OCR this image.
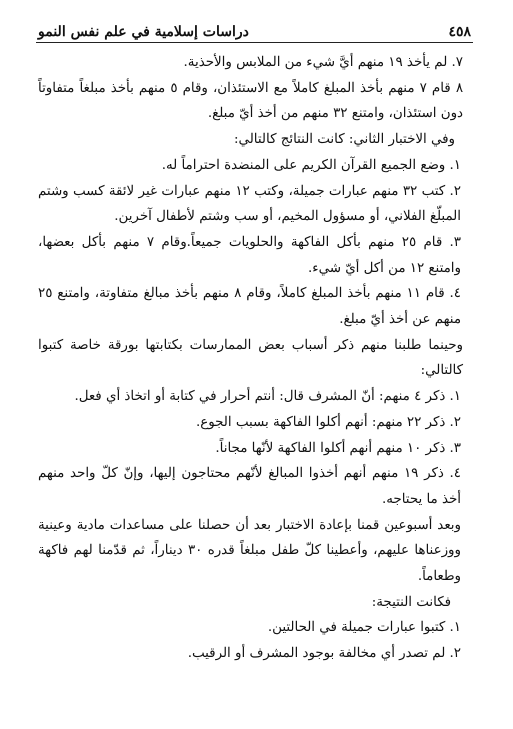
٤٥٨
دراسات إسلامية في علم نفس النمو

٧. لم يأخذ ١٩ منهم أيَّ شيء من الملابس والأحذية.

٨ قام ٧ منهم بأخذ المبلغ كاملاً مع الاستئذان، وقام ٥ منهم بأخذ مبلغاً متفاوتاً دون استئذان، وامتنع ٣٢ منهم من أخذ أيّ مبلغ.

وفي الاختبار الثاني: كانت النتائج كالتالي:

١. وضع الجميع القرآن الكريم على المنضدة احتراماً له.

٢. كتب ٣٢ منهم عبارات جميلة، وكتب ١٢ منهم عبارات غير لائقة كسب وشتم المبلّغ الفلاني، أو مسؤول المخيم، أو سب وشتم لأطفال آخرين.

٣. قام ٢٥ منهم بأكل الفاكهة والحلويات جميعاً.وقام ٧ منهم بأكل بعضها، وامتنع ١٢ من أكل أيّ شيء.

٤. قام ١١ منهم بأخذ المبلغ كاملاً، وقام ٨ منهم بأخذ مبالغ متفاوتة، وامتنع ٢٥ منهم عن أخذ أيّ مبلغ.

وحينما طلبنا منهم ذكر أسباب بعض الممارسات بكتابتها بورقة خاصة كتبوا كالتالي:

١. ذكر ٤ منهم: أنّ المشرف قال: أنتم أحرار في كتابة أو اتخاذ أي فعل.

٢. ذكر ٢٢ منهم: أنهم أكلوا الفاكهة بسبب الجوع.

٣. ذكر ١٠ منهم أنهم أكلوا الفاكهة لأنّها مجاناً.

٤. ذكر ١٩ منهم أنهم أخذوا المبالغ لأنّهم محتاجون إليها، وإنّ كلّ واحد منهم أخذ ما يحتاجه.

وبعد أسبوعين قمنا بإعادة الاختبار بعد أن حصلنا على مساعدات مادية وعينية ووزعناها عليهم، وأعطينا كلّ طفل مبلغاً قدره ٣٠ ديناراً، ثم قدّمنا لهم فاكهة وطعاماً.

فكانت النتيجة:

١. كتبوا عبارات جميلة في الحالتين.

٢. لم تصدر أي مخالفة بوجود المشرف أو الرقيب.
